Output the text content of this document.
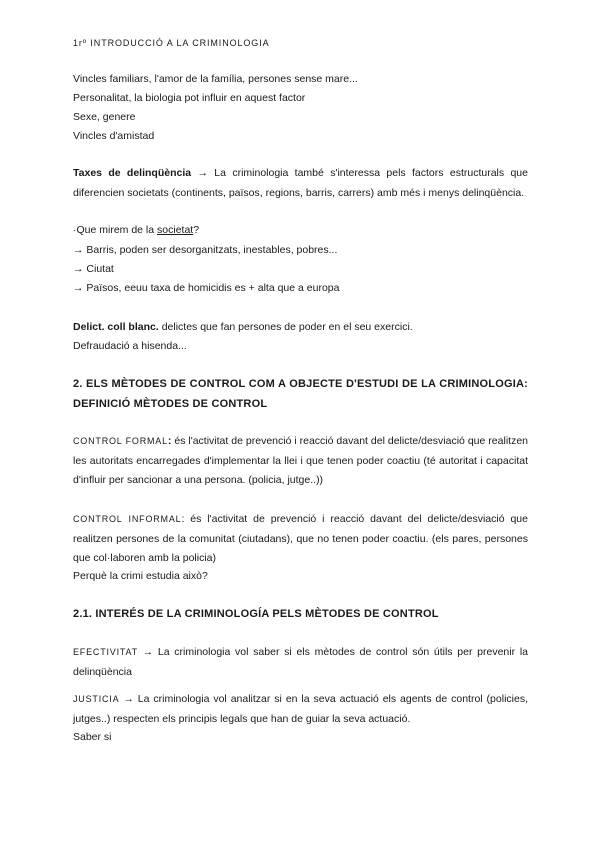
1rº INTRODUCCIÓ A LA CRIMINOLOGIA
Vincles familiars, l'amor de la família, persones sense mare...
Personalitat, la biologia pot influir en aquest factor
Sexe, genere
Vincles d'amistad
Taxes de delinqüència → La criminologia també s'interessa pels factors estructurals que diferencien societats (continents, països, regions, barris, carrers) amb més i menys delinqüència.
·Que mirem de la societat?
→ Barris, poden ser desorganitzats, inestables, pobres...
→ Ciutat
→ Països, eeuu taxa de homicidis es + alta que a europa
Delict. coll blanc. delictes que fan persones de poder en el seu exercici.
Defraudació a hisenda...
2. ELS MÈTODES DE CONTROL COM A OBJECTE D'ESTUDI DE LA CRIMINOLOGIA: DEFINICIÓ MÈTODES DE CONTROL
CONTROL FORMAL: és l'activitat de prevenció i reacció davant del delicte/desviació que realitzen les autoritats encarregades d'implementar la llei i que tenen poder coactiu (té autoritat i capacitat d'influir per sancionar a una persona. (policia, jutge..))
CONTROL INFORMAL: és l'activitat de prevenció i reacció davant del delicte/desviació que realitzen persones de la comunitat (ciutadans), que no tenen poder coactiu. (els pares, persones que col·laboren amb la policia)
Perquè la crimi estudia això?
2.1. INTERÉS DE LA CRIMINOLOGÍA PELS MÈTODES DE CONTROL
EFECTIVITAT → La criminologia vol saber si els mètodes de control són útils per prevenir la delinqüència
JUSTICIA → La criminologia vol analitzar si en la seva actuació els agents de control (policies, jutges..) respecten els principis legals que han de guiar la seva actuació.
Saber si
